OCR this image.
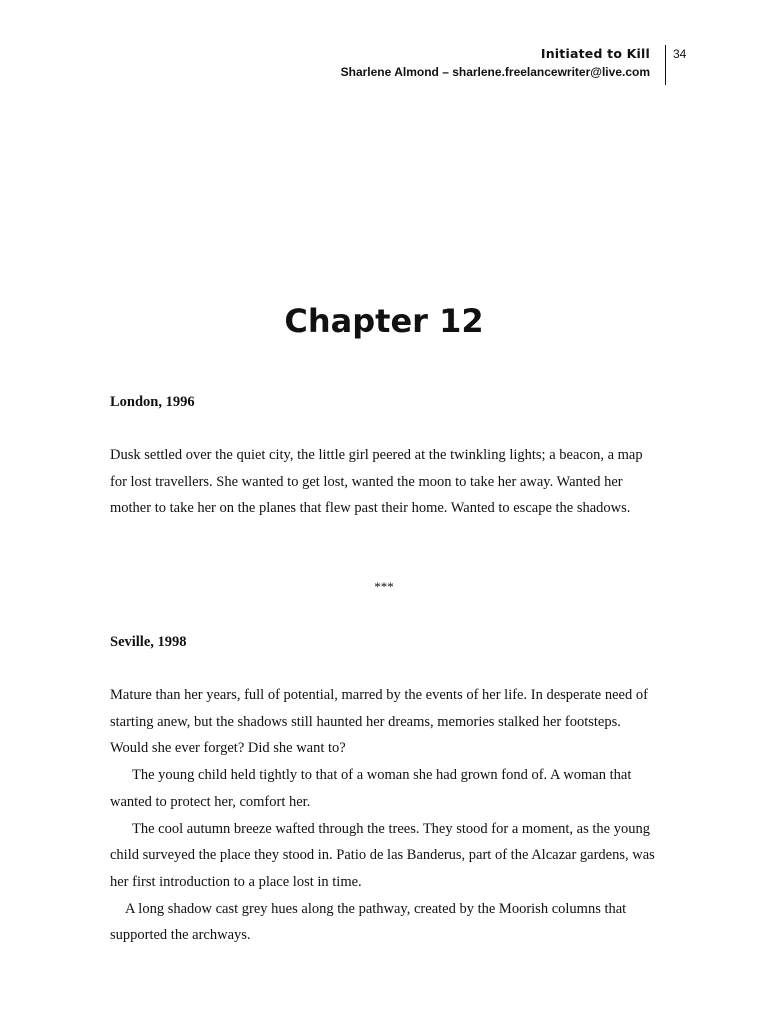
Initiated to Kill
Sharlene Almond – sharlene.freelancewriter@live.com
34
Chapter 12
London, 1996

Dusk settled over the quiet city, the little girl peered at the twinkling lights; a beacon, a map for lost travellers. She wanted to get lost, wanted the moon to take her away. Wanted her mother to take her on the planes that flew past their home. Wanted to escape the shadows.

***
Seville, 1998

Mature than her years, full of potential, marred by the events of her life. In desperate need of starting anew, but the shadows still haunted her dreams, memories stalked her footsteps. Would she ever forget? Did she want to?

The young child held tightly to that of a woman she had grown fond of. A woman that wanted to protect her, comfort her.

The cool autumn breeze wafted through the trees. They stood for a moment, as the young child surveyed the place they stood in. Patio de las Banderus, part of the Alcazar gardens, was her first introduction to a place lost in time.

A long shadow cast grey hues along the pathway, created by the Moorish columns that supported the archways.
